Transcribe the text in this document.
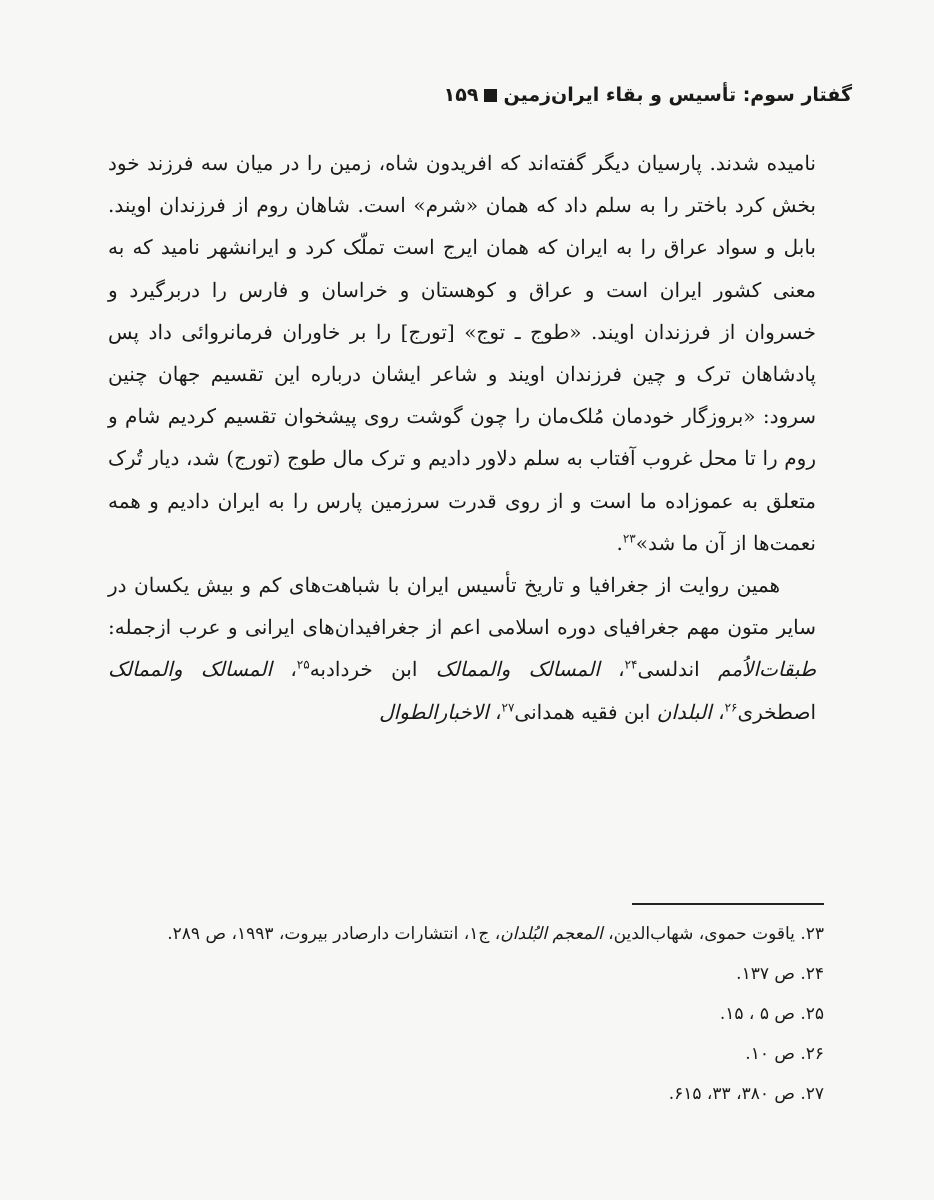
گفتار سوم: تأسیس و بقاء ایران‌زمین۱۵۹

نامیده شدند. پارسیان دیگر گفته‌اند که افریدون شاه، زمین را در میان سه فرزند خود بخش کرد باختر را به سلم داد که همان «شرم» است. شاهان روم از فرزندان اویند. بابل و سواد عراق را به ایران که همان ایرج است تملّک کرد و ایرانشهر نامید که به معنی کشور ایران است و عراق و کوهستان و خراسان و فارس را دربرگیرد و خسروان از فرزندان اویند. «طوج ـ توج» [تورج] را بر خاوران فرمانروائی داد پس پادشاهان ترک و چین فرزندان اویند و شاعر ایشان درباره این تقسیم جهان چنین سرود: «بروزگار خودمان مُلک‌مان را چون گوشت روی پیشخوان تقسیم کردیم شام و روم را تا محل غروب آفتاب به سلم دلاور دادیم و ترک مال طوج (تورج) شد، دیار تُرک متعلق به عموزاده ما است و از روی قدرت سرزمین پارس را به ایران دادیم و همه نعمت‌ها از آن ما شد»$^{۲۳}$.

همین روایت از جغرافیا و تاریخ تأسیس ایران با شباهت‌های کم و بیش یکسان در سایر متون مهم جغرافیای دوره اسلامی اعم از جغرافیدان‌های ایرانی و عرب ازجمله: طبقات‌الاُمم اندلسی$^{۲۴}$، المسالک والممالک ابن خردادبه$^{۲۵}$، المسالک والممالک اصطخری$^{۲۶}$، البلدان ابن فقیه همدانی$^{۲۷}$، الاخبار‌الطوال

۲۳. یاقوت حموی، شهاب‌الدین، المعجم البُلدان، ج۱، انتشارات دارصادر بیروت، ۱۹۹۳، ص ۲۸۹.

۲۴. ص ۱۳۷.

۲۵. ص ۵ ، ۱۵.

۲۶. ص ۱۰.

۲۷. ص ۳۸۰، ۳۳، ۶۱۵.
